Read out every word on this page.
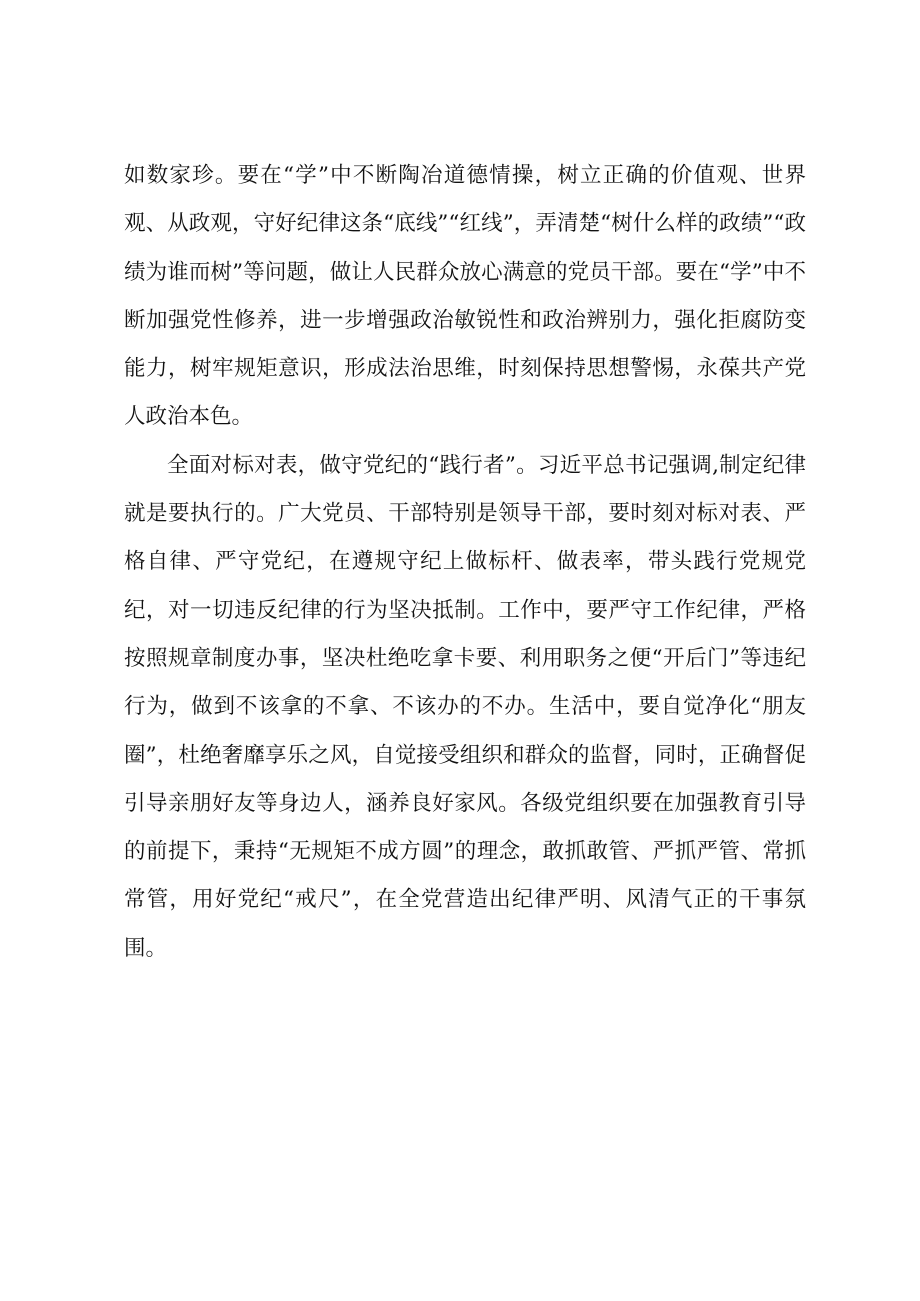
如数家珍。要在“学”中不断陶冶道德情操，树立正确的价值观、世界观、从政观，守好纪律这条“底线”“红线”，弄清楚“树什么样的政绩”“政绩为谁而树”等问题，做让人民群众放心满意的党员干部。要在“学”中不断加强党性修养，进一步增强政治敏锐性和政治辨别力，强化拒腐防变能力，树牢规矩意识，形成法治思维，时刻保持思想警惕，永葆共产党人政治本色。

全面对标对表，做守党纪的“践行者”。习近平总书记强调,制定纪律就是要执行的。广大党员、干部特别是领导干部，要时刻对标对表、严格自律、严守党纪，在遵规守纪上做标杆、做表率，带头践行党规党纪，对一切违反纪律的行为坚决抵制。工作中，要严守工作纪律，严格按照规章制度办事，坚决杜绝吃拿卡要、利用职务之便“开后门”等违纪行为，做到不该拿的不拿、不该办的不办。生活中，要自觉净化“朋友圈”，杜绝奢靡享乐之风，自觉接受组织和群众的监督，同时，正确督促引导亲朋好友等身边人，涵养良好家风。各级党组织要在加强教育引导的前提下，秉持“无规矩不成方圆”的理念，敢抓敢管、严抓严管、常抓常管，用好党纪“戒尺”，在全党营造出纪律严明、风清气正的干事氛围。
